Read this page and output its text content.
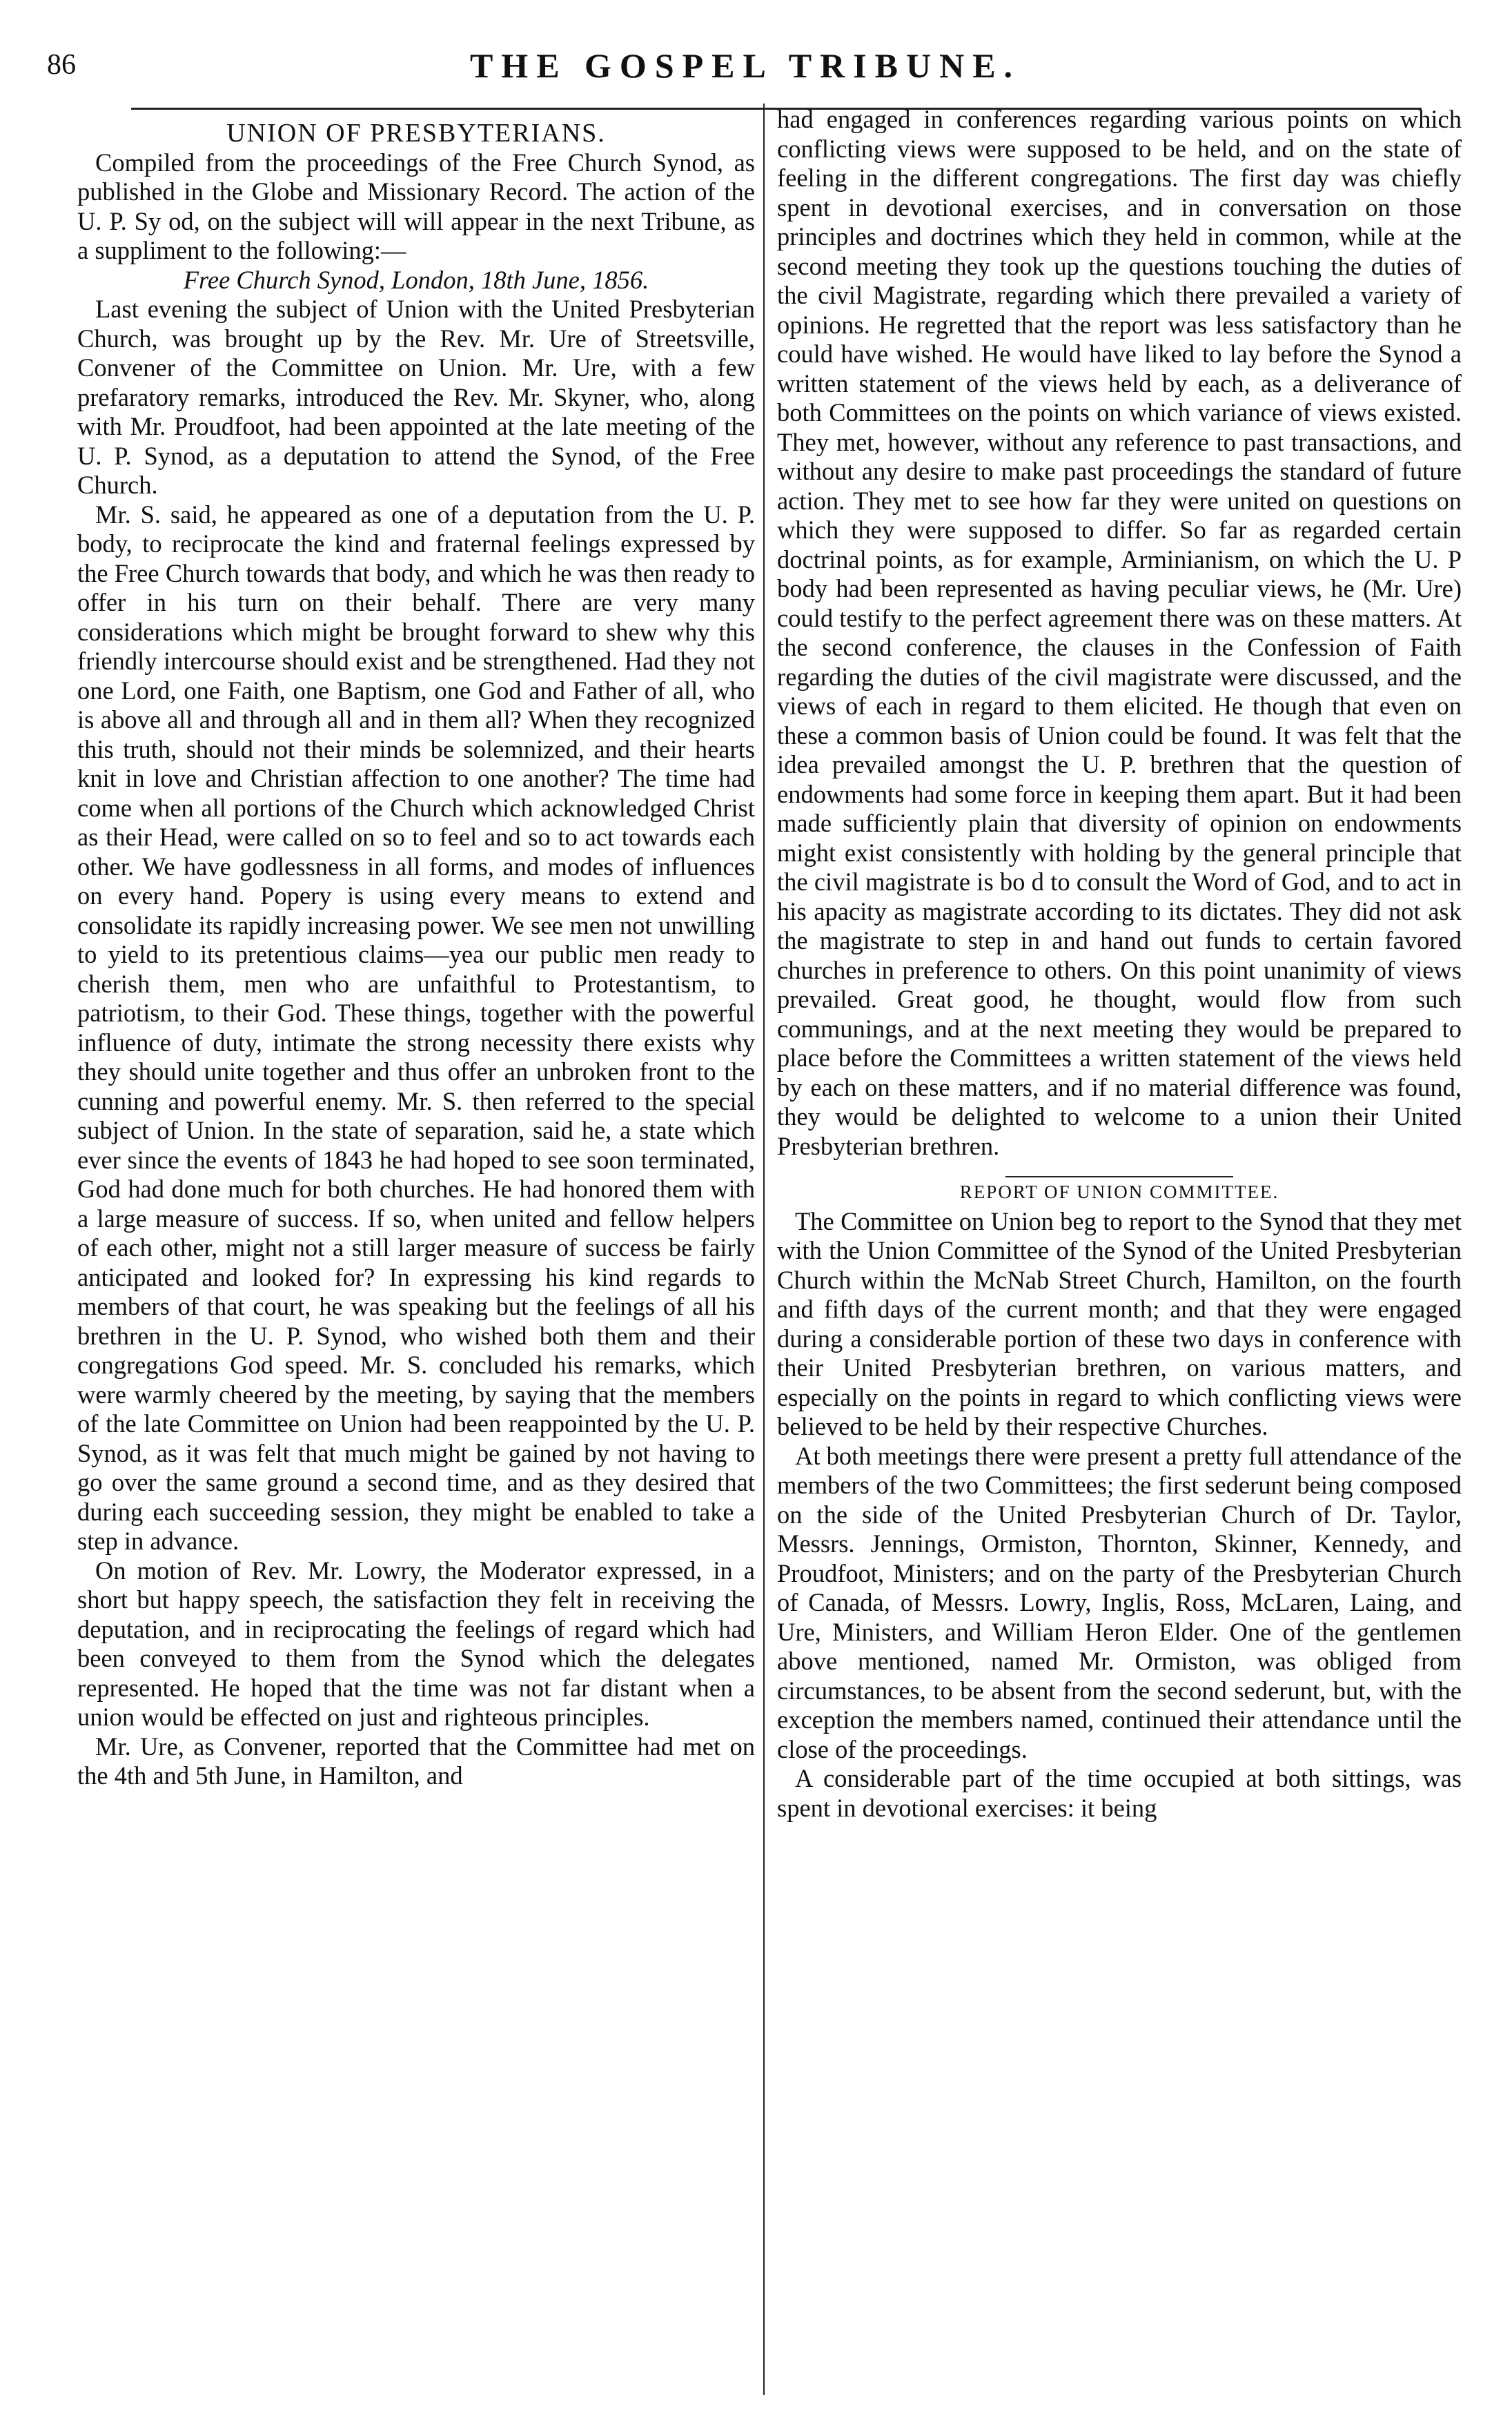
86	THE GOSPEL TRIBUNE.

UNION OF PRESBYTERIANS.

Compiled from the proceedings of the Free Church Synod, as published in the Globe and Missionary Record. The action of the U. P. Sy od, on the subject will will appear in the next Tribune, as a suppliment to the following:—

Free Church Synod, London, 18th June, 1856.

Last evening the subject of Union with the United Presbyterian Church, was brought up by the Rev. Mr. Ure of Streetsville, Convener of the Committee on Union. Mr. Ure, with a few prefaratory remarks, introduced the Rev. Mr. Skyner, who, along with Mr. Proudfoot, had been appointed at the late meeting of the U. P. Synod, as a deputation to attend the Synod, of the Free Church.

Mr. S. said, he appeared as one of a deputation from the U. P. body, to reciprocate the kind and fraternal feelings expressed by the Free Church towards that body, and which he was then ready to offer in his turn on their behalf. There are very many considerations which might be brought forward to shew why this friendly intercourse should exist and be strengthened. Had they not one Lord, one Faith, one Baptism, one God and Father of all, who is above all and through all and in them all? When they recognized this truth, should not their minds be solemnized, and their hearts knit in love and Christian affection to one another? The time had come when all portions of the Church which acknowledged Christ as their Head, were called on so to feel and so to act towards each other. We have godlessness in all forms, and modes of influences on every hand. Popery is using every means to extend and consolidate its rapidly increasing power. We see men not unwilling to yield to its pretentious claims—yea our public men ready to cherish them, men who are unfaithful to Protestantism, to patriotism, to their God. These things, together with the powerful influence of duty, intimate the strong necessity there exists why they should unite together and thus offer an unbroken front to the cunning and powerful enemy. Mr. S. then referred to the special subject of Union. In the state of separation, said he, a state which ever since the events of 1843 he had hoped to see soon terminated, God had done much for both churches. He had honored them with a large measure of success. If so, when united and fellow helpers of each other, might not a still larger measure of success be fairly anticipated and looked for? In expressing his kind regards to members of that court, he was speaking but the feelings of all his brethren in the U. P. Synod, who wished both them and their congregations God speed. Mr. S. concluded his remarks, which were warmly cheered by the meeting, by saying that the members of the late Committee on Union had been reappointed by the U. P. Synod, as it was felt that much might be gained by not having to go over the same ground a second time, and as they desired that during each succeeding session, they might be enabled to take a step in advance.

On motion of Rev. Mr. Lowry, the Moderator expressed, in a short but happy speech, the satisfaction they felt in receiving the deputation, and in reciprocating the feelings of regard which had been conveyed to them from the Synod which the delegates represented. He hoped that the time was not far distant when a union would be effected on just and righteous principles.

Mr. Ure, as Convener, reported that the Committee had met on the 4th and 5th June, in Hamilton, and

had engaged in conferences regarding various points on which conflicting views were supposed to be held, and on the state of feeling in the different congregations. The first day was chiefly spent in devotional exercises, and in conversation on those principles and doctrines which they held in common, while at the second meeting they took up the questions touching the duties of the civil Magistrate, regarding which there prevailed a variety of opinions. He regretted that the report was less satisfactory than he could have wished. He would have liked to lay before the Synod a written statement of the views held by each, as a deliverance of both Committees on the points on which variance of views existed. They met, however, without any reference to past transactions, and without any desire to make past proceedings the standard of future action. They met to see how far they were united on questions on which they were supposed to differ. So far as regarded certain doctrinal points, as for example, Arminianism, on which the U. P body had been represented as having peculiar views, he (Mr. Ure) could testify to the perfect agreement there was on these matters. At the second conference, the clauses in the Confession of Faith regarding the duties of the civil magistrate were discussed, and the views of each in regard to them elicited. He though that even on these a common basis of Union could be found. It was felt that the idea prevailed amongst the U. P. brethren that the question of endowments had some force in keeping them apart. But it had been made sufficiently plain that diversity of opinion on endowments might exist consistently with holding by the general principle that the civil magistrate is bo d to consult the Word of God, and to act in his apacity as magistrate according to its dictates. They did not ask the magistrate to step in and hand out funds to certain favored churches in preference to others. On this point unanimity of views prevailed. Great good, he thought, would flow from such communings, and at the next meeting they would be prepared to place before the Committees a written statement of the views held by each on these matters, and if no material difference was found, they would be delighted to welcome to a union their United Presbyterian brethren.

REPORT OF UNION COMMITTEE.

The Committee on Union beg to report to the Synod that they met with the Union Committee of the Synod of the United Presbyterian Church within the McNab Street Church, Hamilton, on the fourth and fifth days of the current month; and that they were engaged during a considerable portion of these two days in conference with their United Presbyterian brethren, on various matters, and especially on the points in regard to which conflicting views were believed to be held by their respective Churches.

At both meetings there were present a pretty full attendance of the members of the two Committees; the first sederunt being composed on the side of the United Presbyterian Church of Dr. Taylor, Messrs. Jennings, Ormiston, Thornton, Skinner, Kennedy, and Proudfoot, Ministers; and on the party of the Presbyterian Church of Canada, of Messrs. Lowry, Inglis, Ross, McLaren, Laing, and Ure, Ministers, and William Heron Elder. One of the gentlemen above mentioned, named Mr. Ormiston, was obliged from circumstances, to be absent from the second sederunt, but, with the exception the members named, continued their attendance until the close of the proceedings.

A considerable part of the time occupied at both sittings, was spent in devotional exercises: it being
